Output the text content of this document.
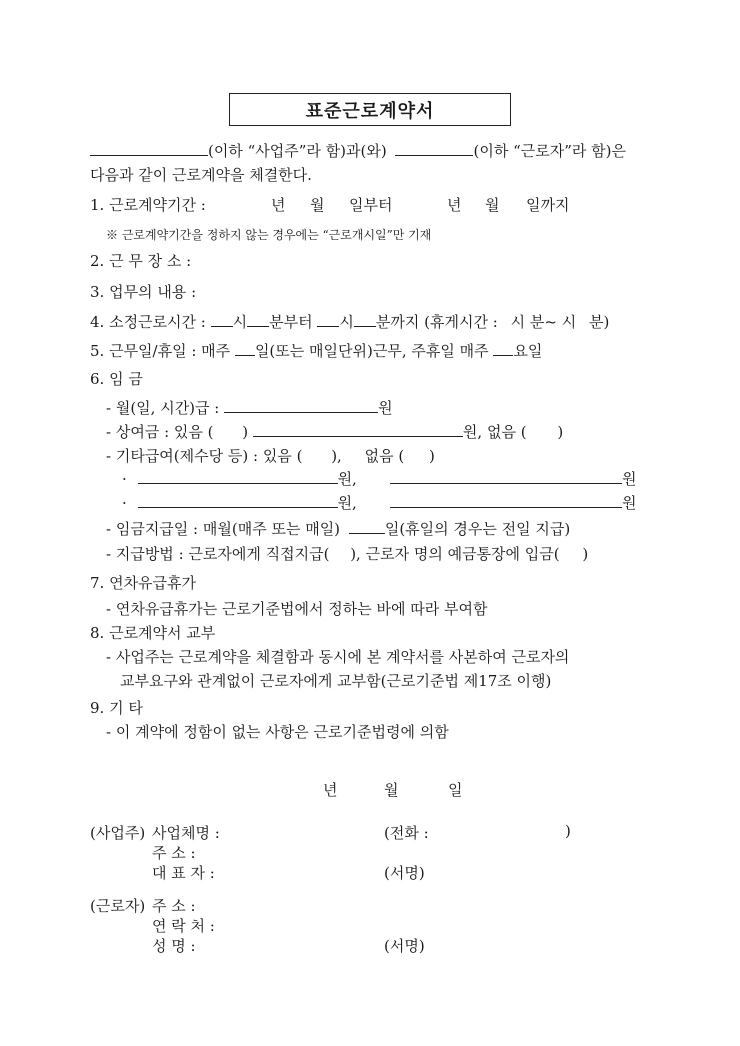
표준근로계약서
(이하 “사업주”라 함)과(와)	(이하 “근로자”라 함)은
다음과 같이 근로계약을 체결한다.
1. 근로계약기간 :	년 월 일부터	년 월 일까지
※ 근로계약기간을 정하지 않는 경우에는 “근로개시일”만 기재
2. 근 무 장 소 :
3. 업무의 내용 :
4. 소정근로시간 : 시 분부터 시 분까지 (휴게시간 : 시 분~ 시 분)
5. 근무일/휴일 : 매주 일(또는 매일단위)근무, 주휴일 매주 요일
6. 임 금
- 월(일, 시간)급 :	원
- 상여금 : 있음 ( )	원, 없음 ( )
- 기타급여(제수당 등) : 있음 ( ), 없음 ( )
·	원,	원
·	원,	원
- 임금지급일 : 매월(매주 또는 매일)	일(휴일의 경우는 전일 지급)
- 지급방법 : 근로자에게 직접지급( ), 근로자 명의 예금통장에 입금( )
7. 연차유급휴가
- 연차유급휴가는 근로기준법에서 정하는 바에 따라 부여함
8. 근로계약서 교부
- 사업주는 근로계약을 체결함과 동시에 본 계약서를 사본하여 근로자의
교부요구와 관계없이 근로자에게 교부함(근로기준법 제17조 이행)
9. 기 타
- 이 계약에 정함이 없는 사항은 근로기준법령에 의함
년	월	일
(사업주) 사업체명 :	(전화 :	)
주 소 :
대 표 자 :	(서명)
(근로자) 주 소 :
연 락 처 :
성 명 :	(서명)
